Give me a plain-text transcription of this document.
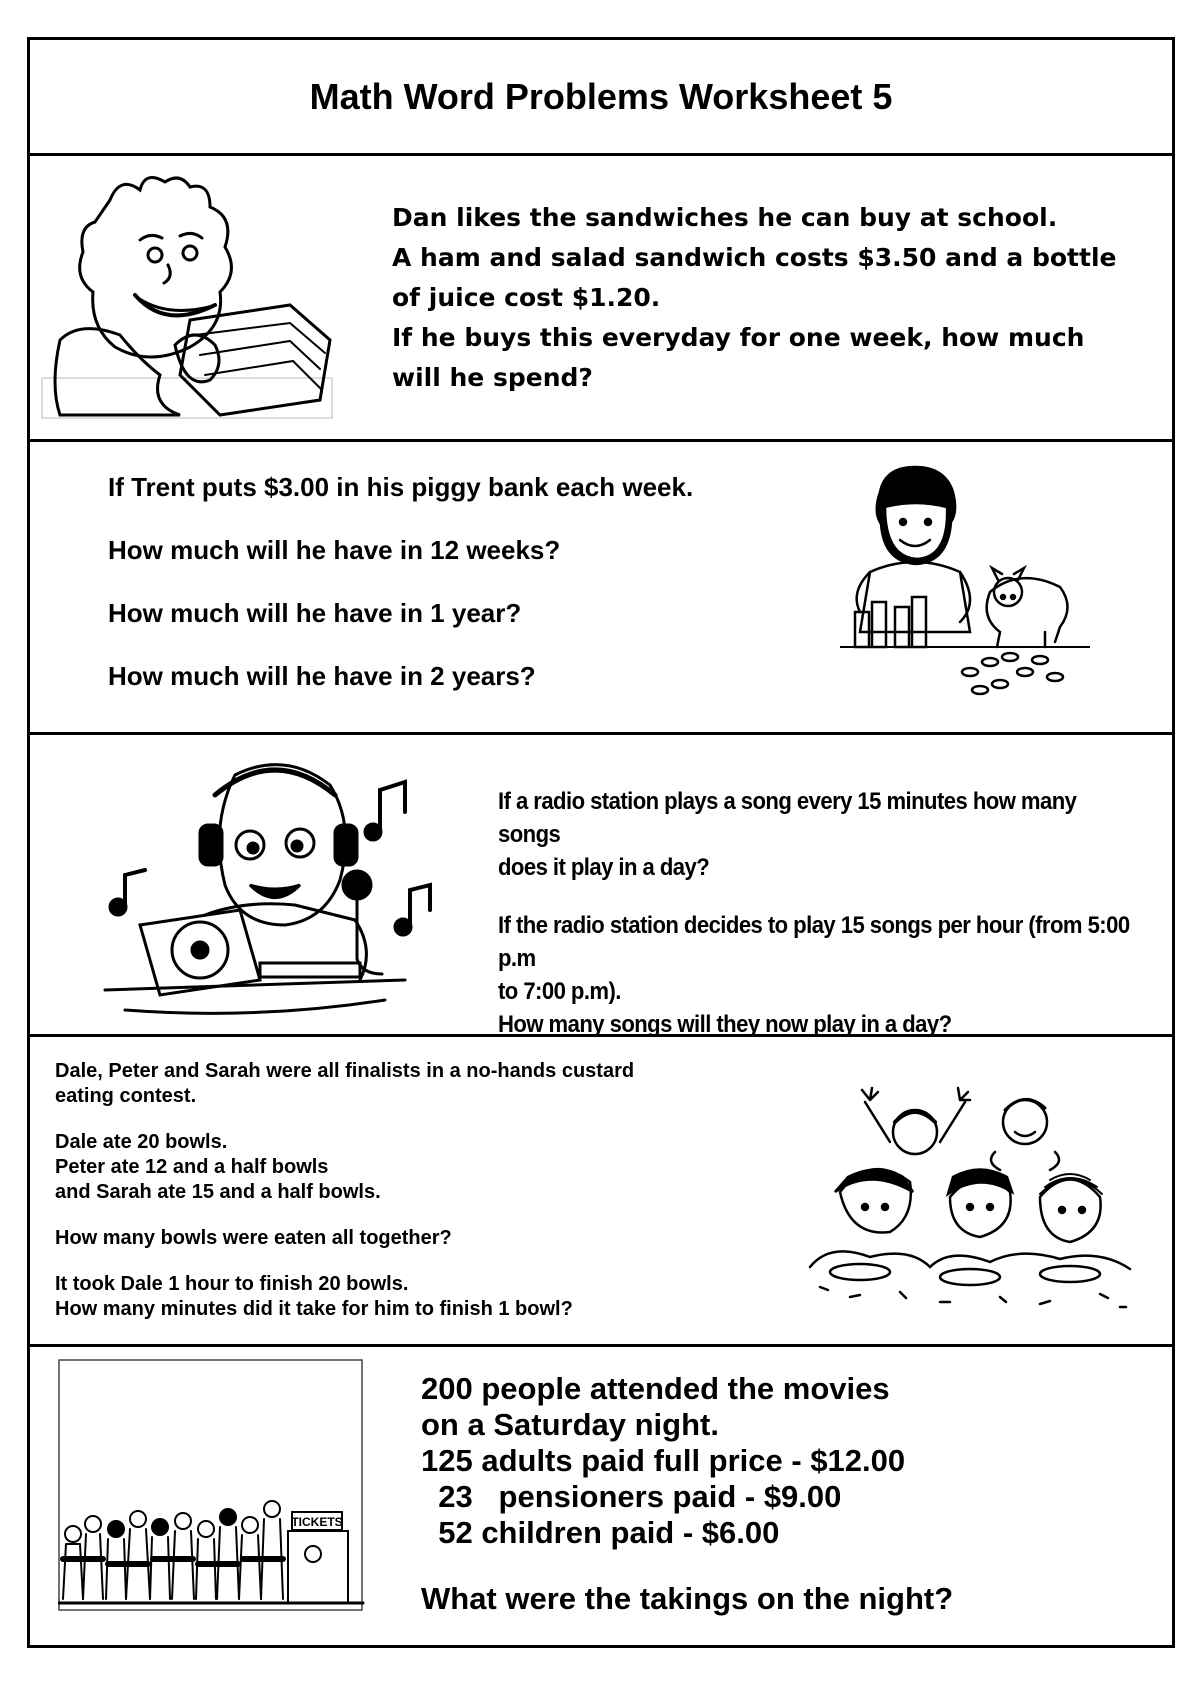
Math Word Problems Worksheet 5

Dan likes the sandwiches he can buy at school.

A ham and salad sandwich costs $3.50 and a bottle

of juice cost $1.20.

If he buys this everyday for one week, how much

will he spend?

If Trent puts $3.00 in his piggy bank each week.

How much will he have in 12 weeks?

How much will he have in 1 year?

How much will he have in 2 years?

If a radio station plays a song every 15 minutes how many songs

does it play in a day?

If the radio station decides to play 15 songs per hour (from 5:00 p.m

to 7:00 p.m).

How many songs will they now play in a day?

Dale, Peter and Sarah were all finalists in a no-hands custard

eating contest.

Dale ate 20 bowls.

Peter ate 12 and a half bowls

and Sarah ate 15 and a half bowls.

How many bowls were eaten all together?

It took Dale 1 hour to finish 20 bowls.

How many minutes did it take for him to finish 1 bowl?

TICKETS

200 people attended the movies

on a Saturday night.

125 adults paid full price - $12.00

23   pensioners paid - $9.00

52 children paid - $6.00

What were the takings on the night?
